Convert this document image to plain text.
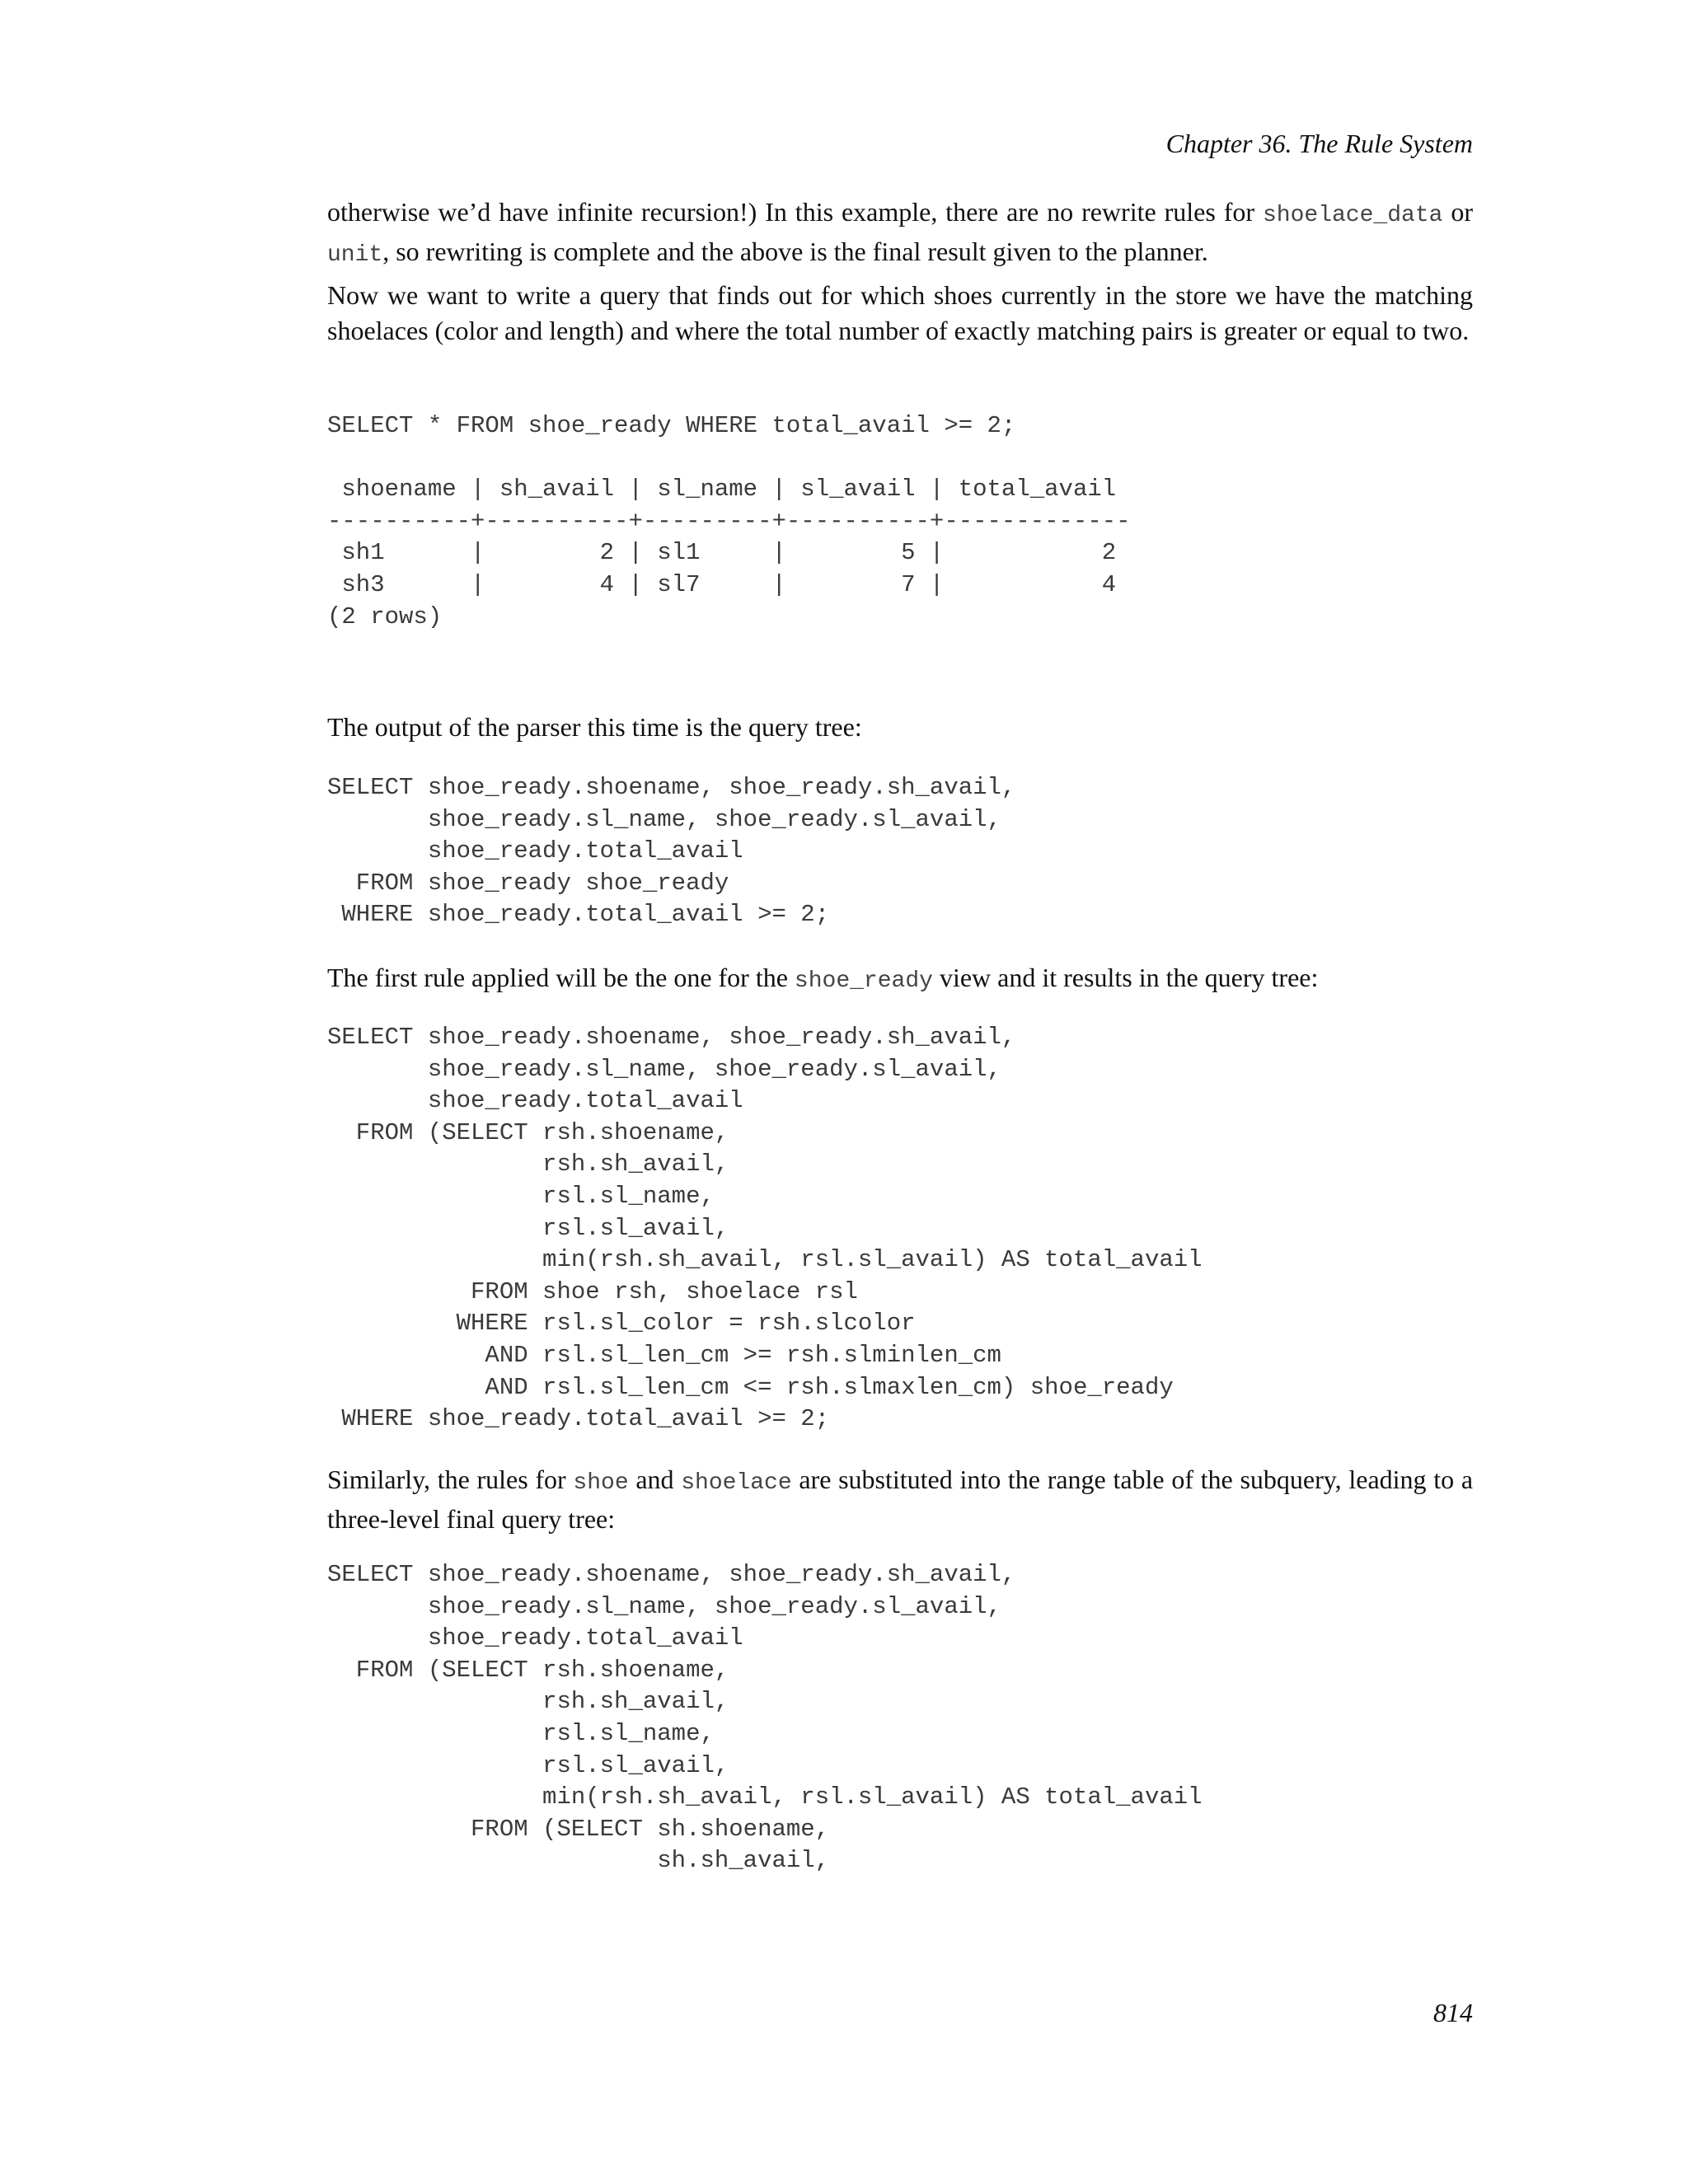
Chapter 36. The Rule System

otherwise we’d have infinite recursion!) In this example, there are no rewrite rules for shoelace_data or unit, so rewriting is complete and the above is the final result given to the planner.

Now we want to write a query that finds out for which shoes currently in the store we have the matching shoelaces (color and length) and where the total number of exactly matching pairs is greater or equal to two.

SELECT * FROM shoe_ready WHERE total_avail >= 2;

shoename | sh_avail | sl_name | sl_avail | total_avail
----------+----------+---------+----------+-------------
sh1      |        2 | sl1     |        5 |           2
sh3      |        4 | sl7     |        7 |           4
(2 rows)

The output of the parser this time is the query tree:

SELECT shoe_ready.shoename, shoe_ready.sh_avail,
shoe_ready.sl_name, shoe_ready.sl_avail,
shoe_ready.total_avail
FROM shoe_ready shoe_ready
WHERE shoe_ready.total_avail >= 2;

The first rule applied will be the one for the shoe_ready view and it results in the query tree:

SELECT shoe_ready.shoename, shoe_ready.sh_avail,
shoe_ready.sl_name, shoe_ready.sl_avail,
shoe_ready.total_avail
FROM (SELECT rsh.shoename,
rsh.sh_avail,
rsl.sl_name,
rsl.sl_avail,
min(rsh.sh_avail, rsl.sl_avail) AS total_avail
FROM shoe rsh, shoelace rsl
WHERE rsl.sl_color = rsh.slcolor
AND rsl.sl_len_cm >= rsh.slminlen_cm
AND rsl.sl_len_cm <= rsh.slmaxlen_cm) shoe_ready
WHERE shoe_ready.total_avail >= 2;

Similarly, the rules for shoe and shoelace are substituted into the range table of the subquery, leading to a three-level final query tree:

SELECT shoe_ready.shoename, shoe_ready.sh_avail,
shoe_ready.sl_name, shoe_ready.sl_avail,
shoe_ready.total_avail
FROM (SELECT rsh.shoename,
rsh.sh_avail,
rsl.sl_name,
rsl.sl_avail,
min(rsh.sh_avail, rsl.sl_avail) AS total_avail
FROM (SELECT sh.shoename,
sh.sh_avail,
814
